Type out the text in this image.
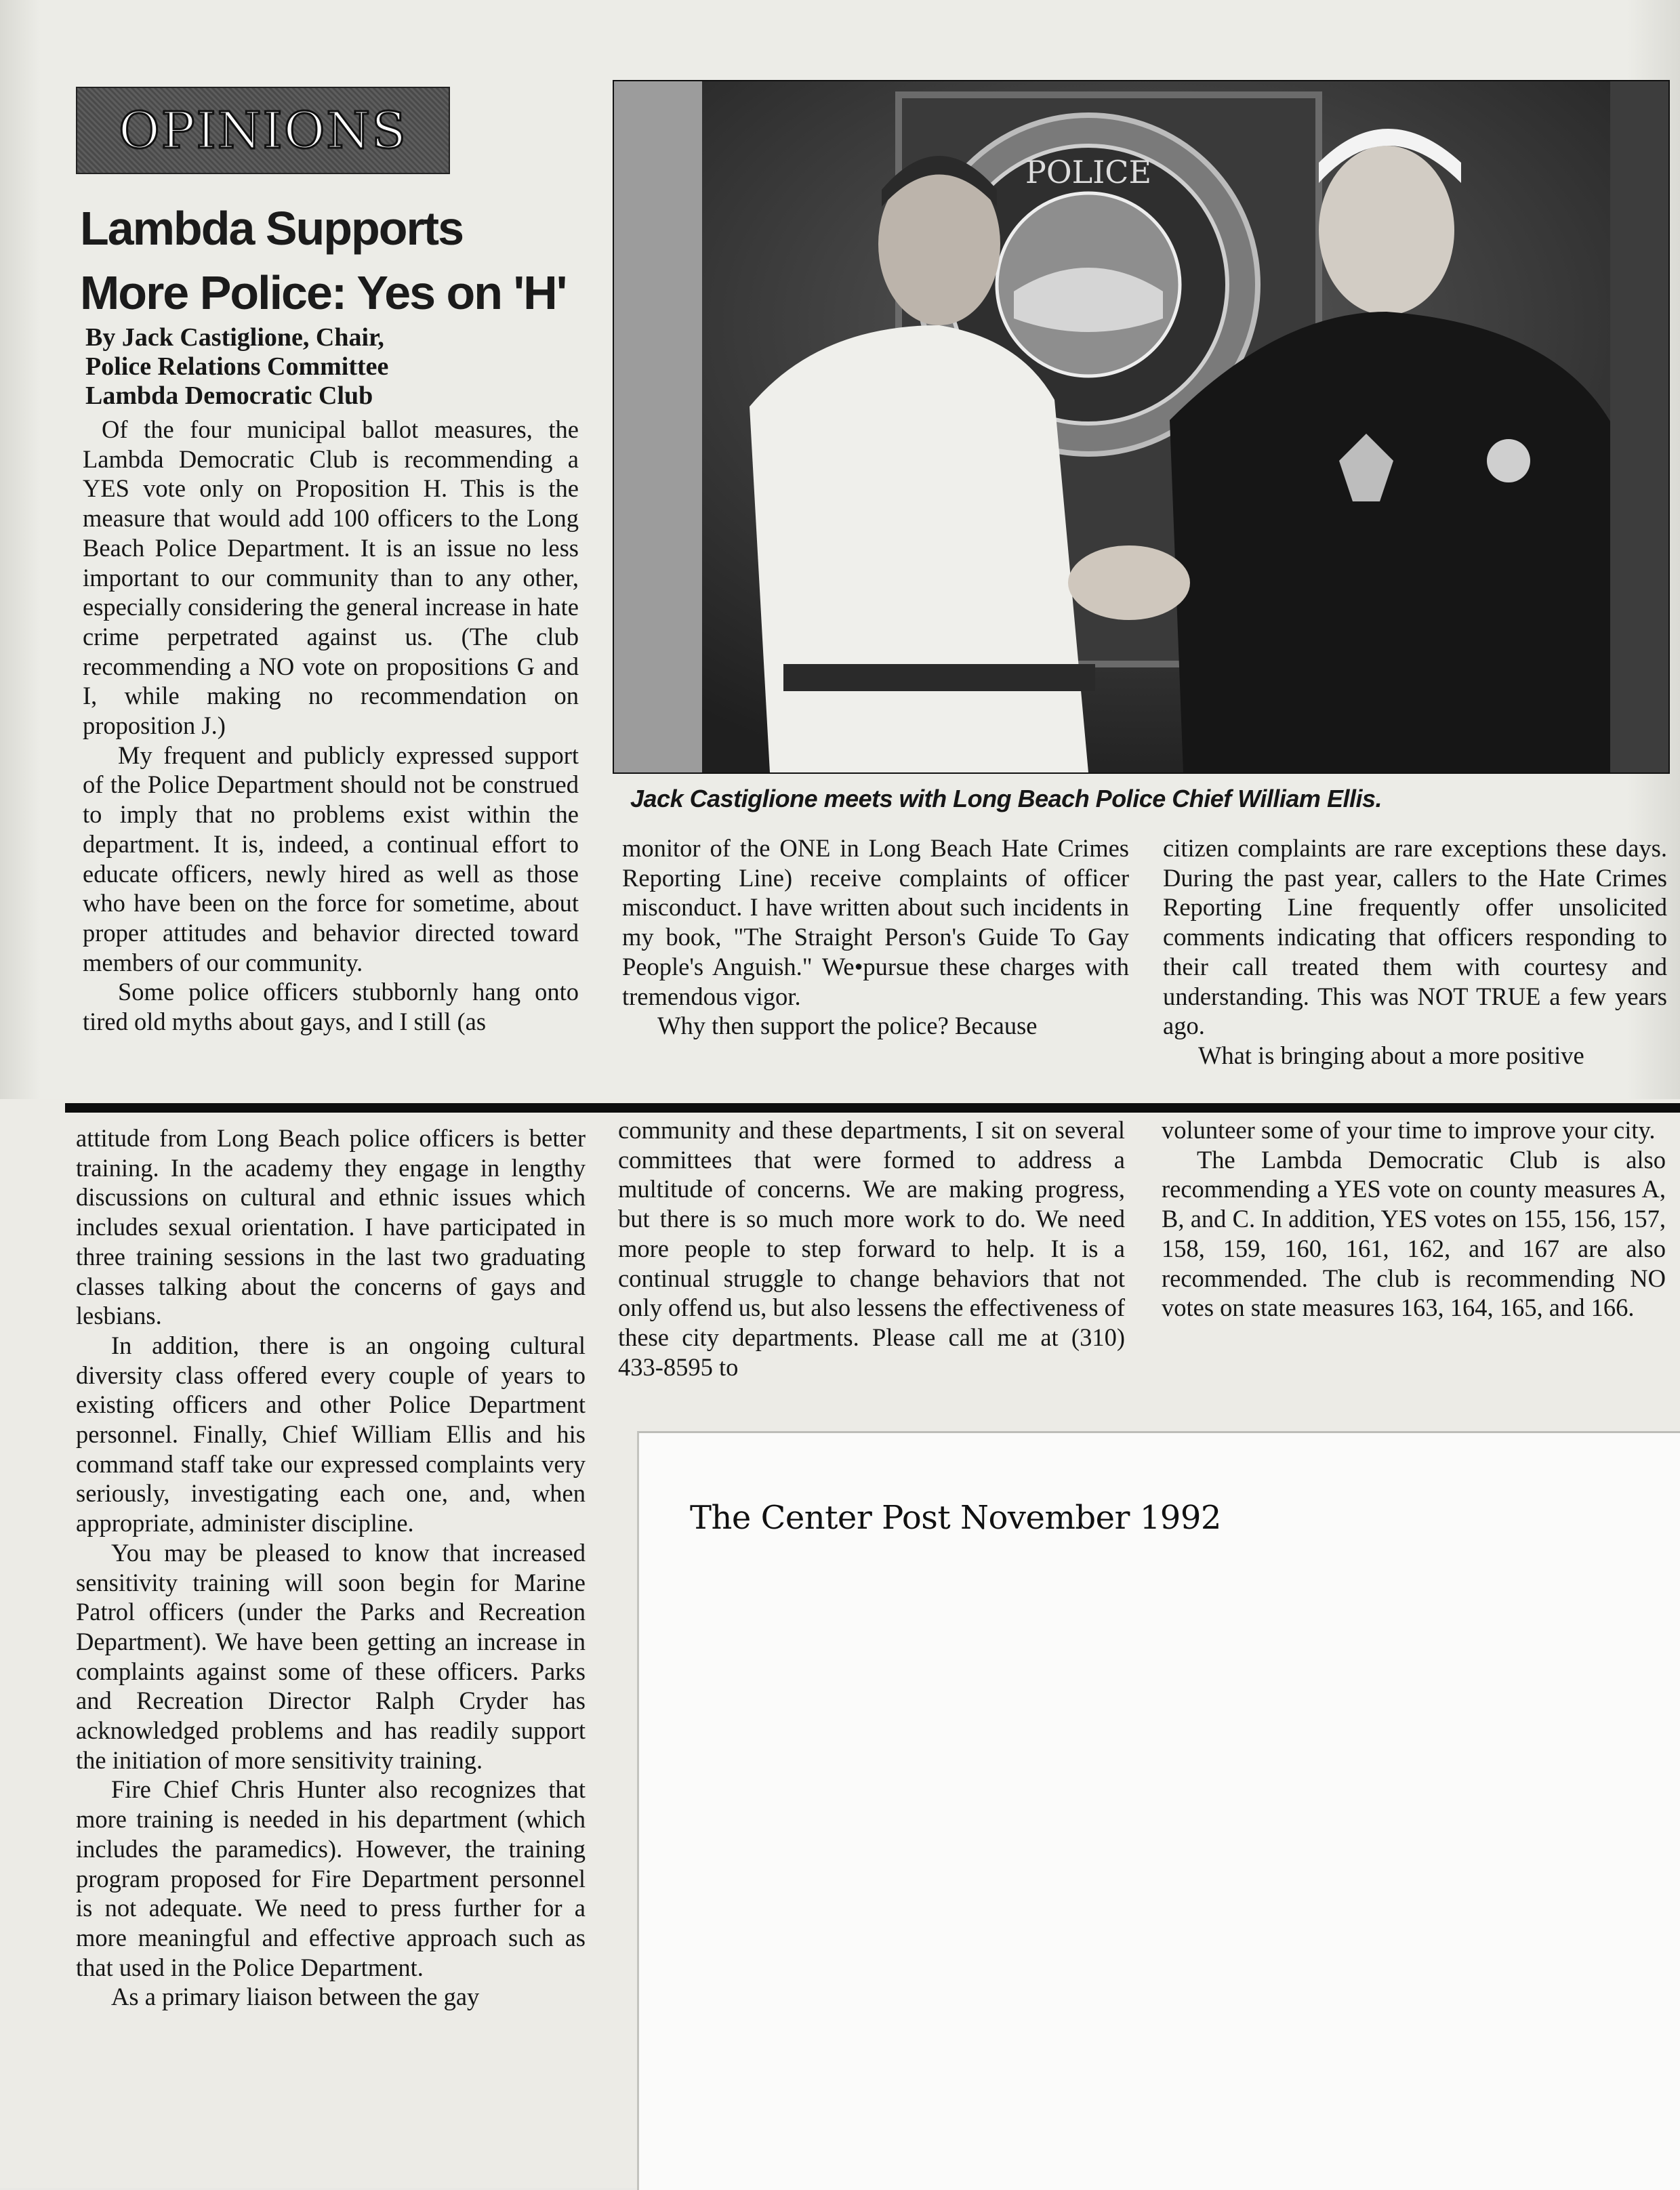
OPINIONS
Lambda Supports
More Police: Yes on 'H'
By Jack Castiglione, Chair,
Police Relations Committee
Lambda Democratic Club

Of the four municipal ballot measures, the Lambda Democratic Club is recommending a YES vote only on Proposition H. This is the measure that would add 100 officers to the Long Beach Police Department. It is an issue no less important to our community than to any other, especially considering the general increase in hate crime perpetrated against us. (The club recommending a NO vote on propositions G and I, while making no recommendation on proposition J.)

My frequent and publicly expressed support of the Police Department should not be construed to imply that no problems exist within the department. It is, indeed, a continual effort to educate officers, newly hired as well as those who have been on the force for sometime, about proper attitudes and behavior directed toward members of our community.

Some police officers stubbornly hang onto tired old myths about gays, and I still (as

POLICE
Jack Castiglione meets with Long Beach Police Chief William Ellis.

monitor of the ONE in Long Beach Hate Crimes Reporting Line) receive complaints of officer misconduct. I have written about such incidents in my book, "The Straight Person's Guide To Gay People's Anguish." We•pursue these charges with tremendous vigor.

Why then support the police? Because

citizen complaints are rare exceptions these days. During the past year, callers to the Hate Crimes Reporting Line frequently offer unsolicited comments indicating that officers responding to their call treated them with courtesy and understanding. This was NOT TRUE a few years ago.

What is bringing about a more positive

attitude from Long Beach police officers is better training. In the academy they engage in lengthy discussions on cultural and ethnic issues which includes sexual orientation. I have participated in three training sessions in the last two graduating classes talking about the concerns of gays and lesbians.

In addition, there is an ongoing cultural diversity class offered every couple of years to existing officers and other Police Department personnel. Finally, Chief William Ellis and his command staff take our expressed complaints very seriously, investigating each one, and, when appropriate, administer discipline.

You may be pleased to know that increased sensitivity training will soon begin for Marine Patrol officers (under the Parks and Recreation Department). We have been getting an increase in complaints against some of these officers. Parks and Recreation Director Ralph Cryder has acknowledged problems and has readily support the initiation of more sensitivity training.

Fire Chief Chris Hunter also recognizes that more training is needed in his department (which includes the paramedics). However, the training program proposed for Fire Department personnel is not adequate. We need to press further for a more meaningful and effective approach such as that used in the Police Department.

As a primary liaison between the gay

community and these departments, I sit on several committees that were formed to address a multitude of concerns. We are making progress, but there is so much more work to do. We need more people to step forward to help. It is a continual struggle to change behaviors that not only offend us, but also lessens the effectiveness of these city departments. Please call me at (310) 433-8595 to

volunteer some of your time to improve your city.

The Lambda Democratic Club is also recommending a YES vote on county measures A, B, and C. In addition, YES votes on 155, 156, 157, 158, 159, 160, 161, 162, and 167 are also recommended. The club is recommending NO votes on state measures 163, 164, 165, and 166.

The Center Post November 1992
